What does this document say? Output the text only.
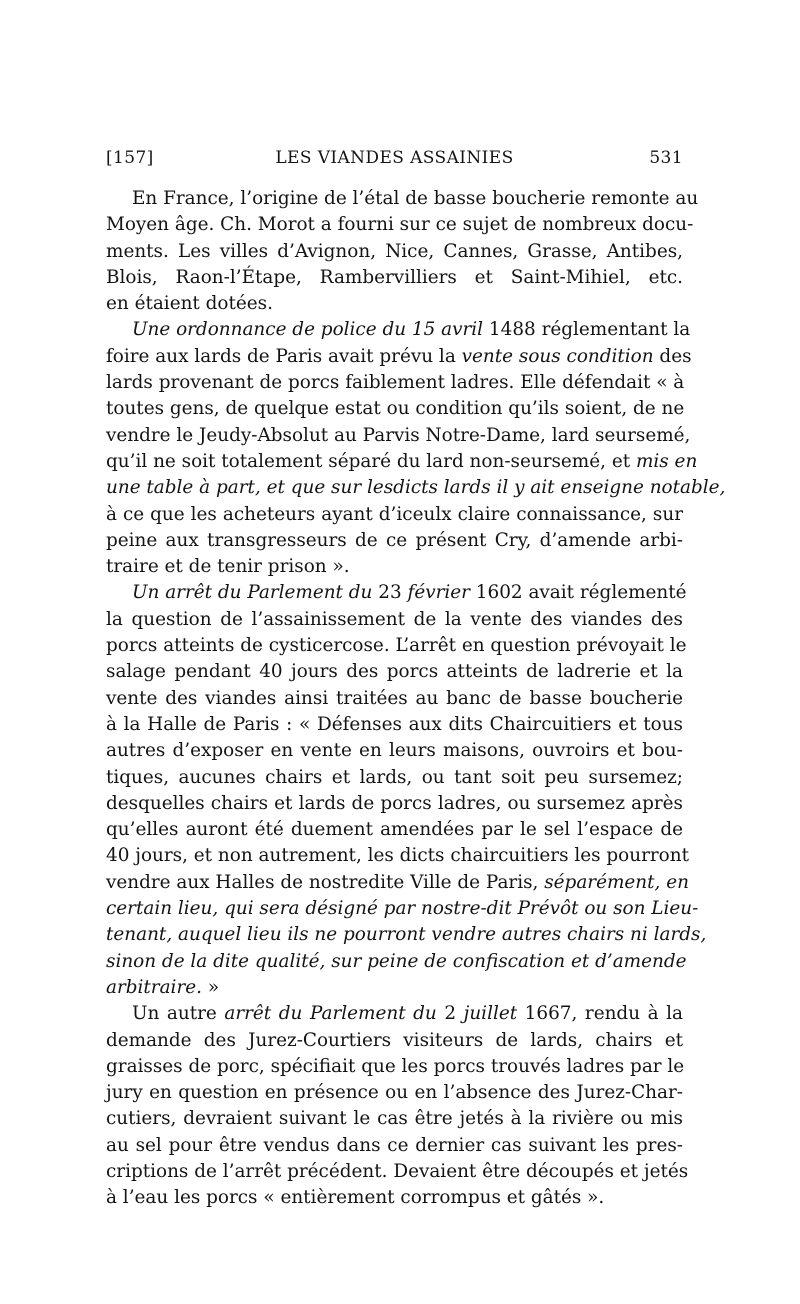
[157]	LES VIANDES ASSAINIES	531
En France, l’origine de l’étal de basse boucherie remonte au
Moyen âge. Ch. Morot a fourni sur ce sujet de nombreux docu-
ments. Les villes d’Avignon, Nice, Cannes, Grasse, Antibes,
Blois, Raon-l’Étape, Rambervilliers et Saint-Mihiel, etc.
en étaient dotées.
Une ordonnance de police du 15 avril 1488 réglementant la
foire aux lards de Paris avait prévu la vente sous condition des
lards provenant de porcs faiblement ladres. Elle défendait « à
toutes gens, de quelque estat ou condition qu’ils soient, de ne
vendre le Jeudy-Absolut au Parvis Notre-Dame, lard seursemé,
qu’il ne soit totalement séparé du lard non-seursemé, et mis en
une table à part, et que sur lesdicts lards il y ait enseigne notable,
à ce que les acheteurs ayant d’iceulx claire connaissance, sur
peine aux transgresseurs de ce présent Cry, d’amende arbi-
traire et de tenir prison ».
Un arrêt du Parlement du 23 février 1602 avait réglementé
la question de l’assainissement de la vente des viandes des
porcs atteints de cysticercose. L’arrêt en question prévoyait le
salage pendant 40 jours des porcs atteints de ladrerie et la
vente des viandes ainsi traitées au banc de basse boucherie
à la Halle de Paris : « Défenses aux dits Chaircuitiers et tous
autres d’exposer en vente en leurs maisons, ouvroirs et bou-
tiques, aucunes chairs et lards, ou tant soit peu sursemez;
desquelles chairs et lards de porcs ladres, ou sursemez après
qu’elles auront été duement amendées par le sel l’espace de
40 jours, et non autrement, les dicts chaircuitiers les pourront
vendre aux Halles de nostredite Ville de Paris, séparément, en
certain lieu, qui sera désigné par nostre-dit Prévôt ou son Lieu-
tenant, auquel lieu ils ne pourront vendre autres chairs ni lards,
sinon de la dite qualité, sur peine de confiscation et d’amende
arbitraire. »
Un autre arrêt du Parlement du 2 juillet 1667, rendu à la
demande des Jurez-Courtiers visiteurs de lards, chairs et
graisses de porc, spécifiait que les porcs trouvés ladres par le
jury en question en présence ou en l’absence des Jurez-Char-
cutiers, devraient suivant le cas être jetés à la rivière ou mis
au sel pour être vendus dans ce dernier cas suivant les pres-
criptions de l’arrêt précédent. Devaient être découpés et jetés
à l’eau les porcs « entièrement corrompus et gâtés ».
